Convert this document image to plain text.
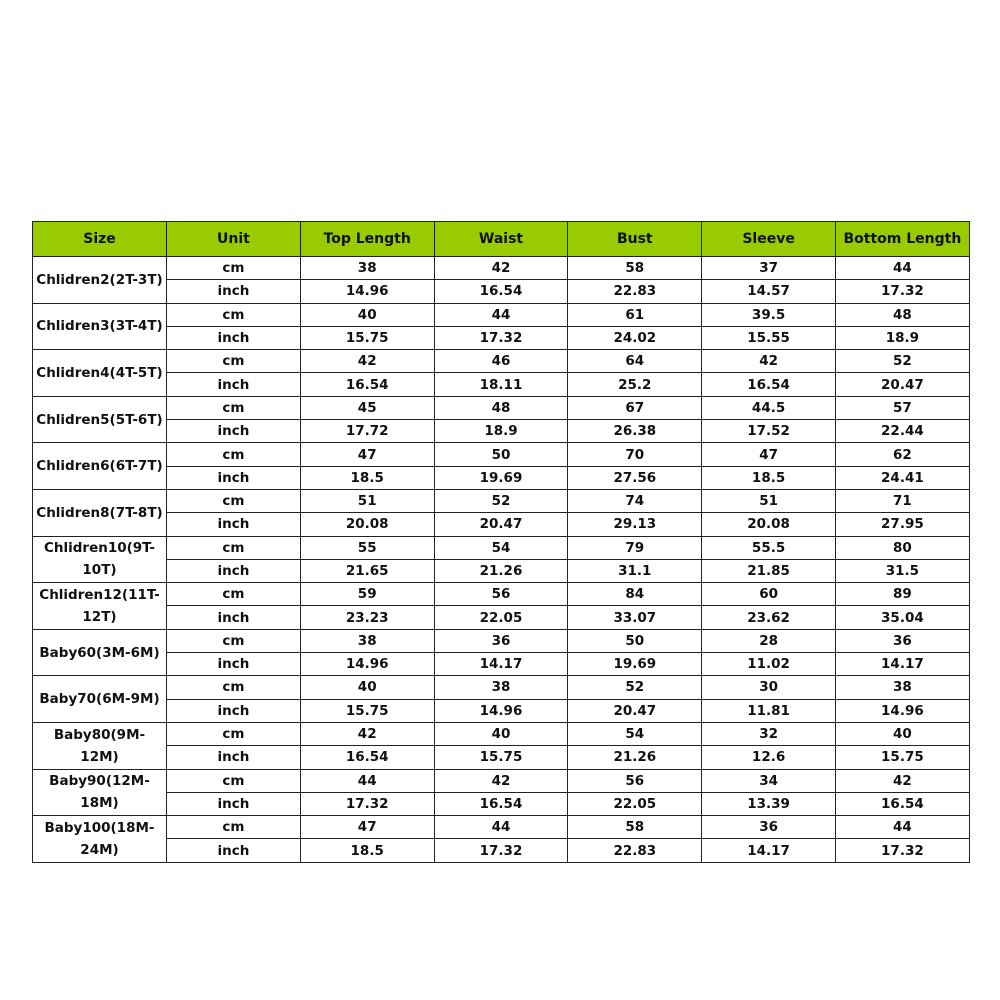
Size	Unit	Top Length	Waist	Bust	Sleeve	Bottom Length
Chlidren2(2T-3T)	cm	38	42	58	37	44
	inch	14.96	16.54	22.83	14.57	17.32
Chlidren3(3T-4T)	cm	40	44	61	39.5	48
	inch	15.75	17.32	24.02	15.55	18.9
Chlidren4(4T-5T)	cm	42	46	64	42	52
	inch	16.54	18.11	25.2	16.54	20.47
Chlidren5(5T-6T)	cm	45	48	67	44.5	57
	inch	17.72	18.9	26.38	17.52	22.44
Chlidren6(6T-7T)	cm	47	50	70	47	62
	inch	18.5	19.69	27.56	18.5	24.41
Chlidren8(7T-8T)	cm	51	52	74	51	71
	inch	20.08	20.47	29.13	20.08	27.95
Chlidren10(9T-10T)	cm	55	54	79	55.5	80
	inch	21.65	21.26	31.1	21.85	31.5
Chlidren12(11T-12T)	cm	59	56	84	60	89
	inch	23.23	22.05	33.07	23.62	35.04
Baby60(3M-6M)	cm	38	36	50	28	36
	inch	14.96	14.17	19.69	11.02	14.17
Baby70(6M-9M)	cm	40	38	52	30	38
	inch	15.75	14.96	20.47	11.81	14.96
Baby80(9M-12M)	cm	42	40	54	32	40
	inch	16.54	15.75	21.26	12.6	15.75
Baby90(12M-18M)	cm	44	42	56	34	42
	inch	17.32	16.54	22.05	13.39	16.54
Baby100(18M-24M)	cm	47	44	58	36	44
	inch	18.5	17.32	22.83	14.17	17.32
